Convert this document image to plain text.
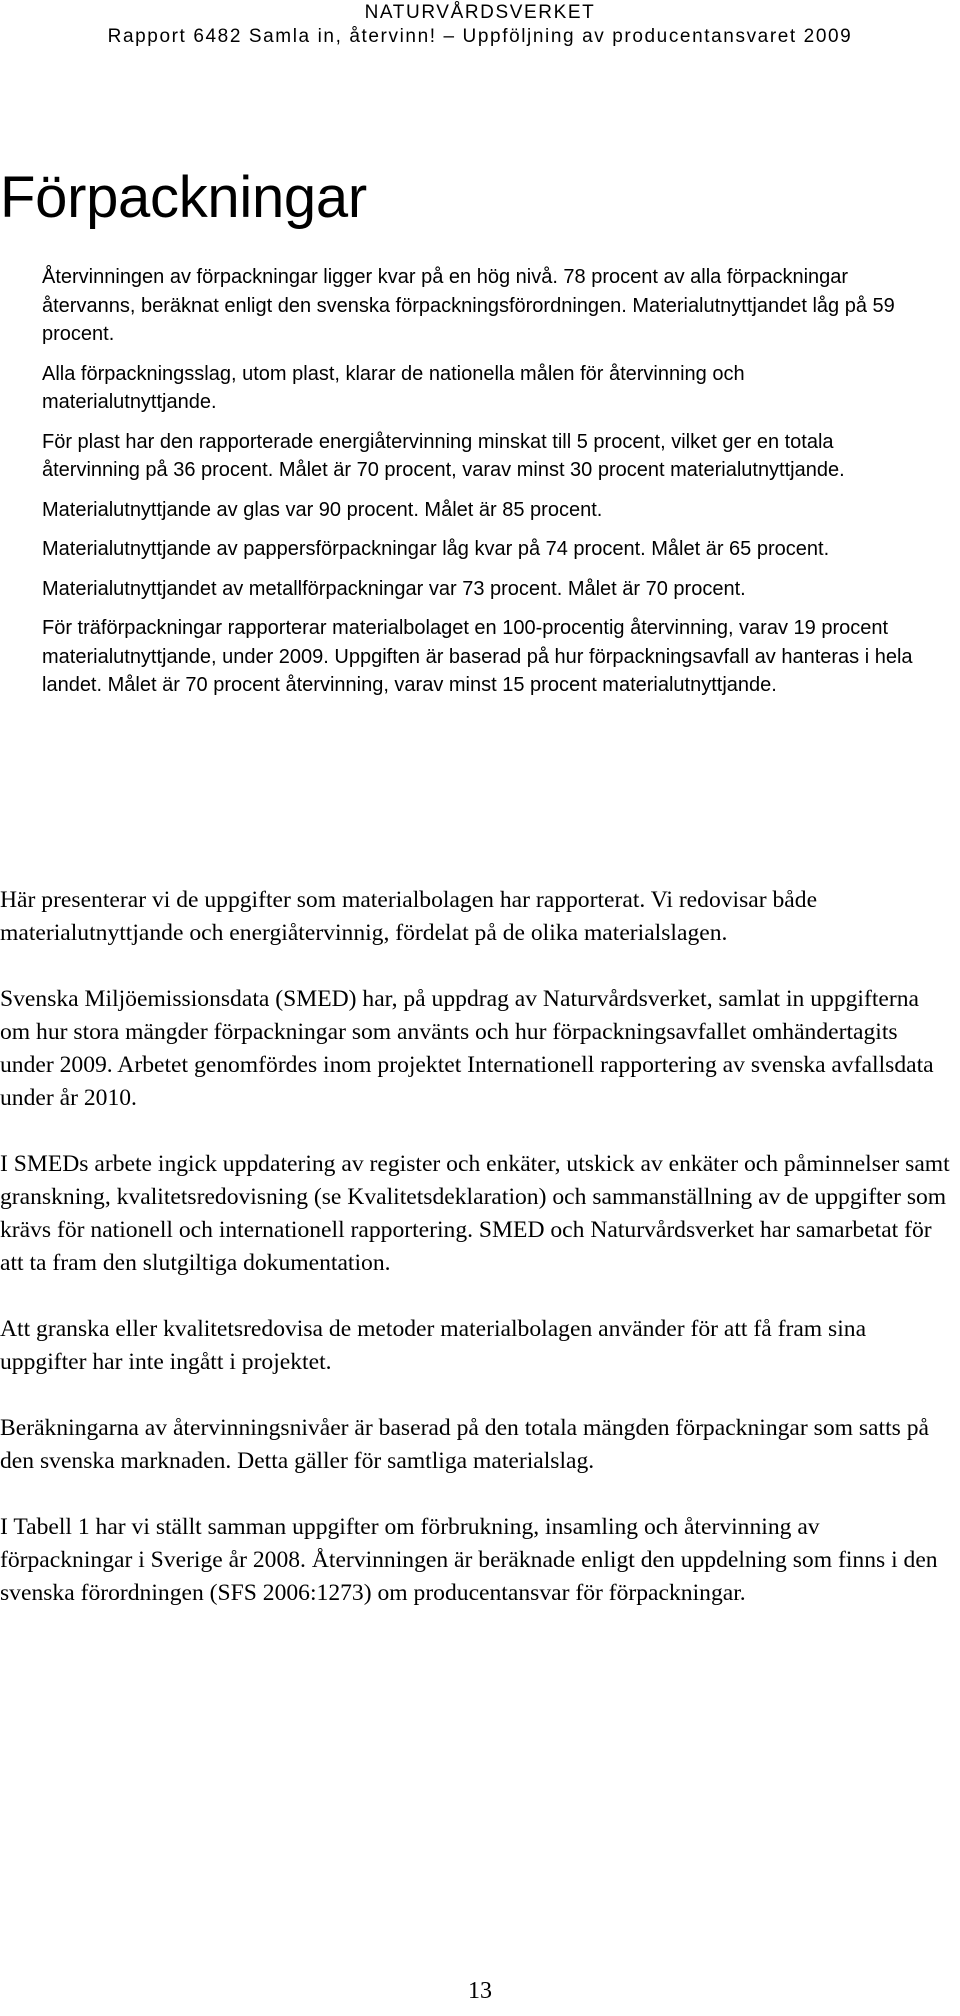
NATURVÅRDSVERKET
Rapport 6482 Samla in, återvinn! – Uppföljning av producentansvaret 2009
Förpackningar

Återvinningen av förpackningar ligger kvar på en hög nivå. 78 procent av alla förpackningar återvanns, beräknat enligt den svenska förpackningsförordningen. Materialutnyttjandet låg på 59 procent.

Alla förpackningsslag, utom plast, klarar de nationella målen för återvinning och materialutnyttjande.

För plast har den rapporterade energiåtervinning minskat till 5 procent, vilket ger en totala återvinning på 36 procent. Målet är 70 procent, varav minst 30 procent materialutnyttjande.

Materialutnyttjande av glas var 90 procent. Målet är 85 procent.

Materialutnyttjande av pappersförpackningar låg kvar på 74 procent. Målet är 65 procent.

Materialutnyttjandet av metallförpackningar var 73 procent. Målet är 70 procent.

För träförpackningar rapporterar materialbolaget en 100-procentig återvinning, varav 19 procent materialutnyttjande, under 2009. Uppgiften är baserad på hur förpackningsavfall av hanteras i hela landet. Målet är 70 procent återvinning, varav minst 15 procent materialutnyttjande.

Här presenterar vi de uppgifter som materialbolagen har rapporterat. Vi redovisar både materialutnyttjande och energiåtervinnig, fördelat på de olika materialslagen.

Svenska Miljöemissionsdata (SMED) har, på uppdrag av Naturvårdsverket, samlat in uppgifterna om hur stora mängder förpackningar som använts och hur förpackningsavfallet omhändertagits under 2009. Arbetet genomfördes inom projektet Internationell rapportering av svenska avfallsdata under år 2010.

I SMEDs arbete ingick uppdatering av register och enkäter, utskick av enkäter och påminnelser samt granskning, kvalitetsredovisning (se Kvalitetsdeklaration) och sammanställning av de uppgifter som krävs för nationell och internationell rapportering. SMED och Naturvårdsverket har samarbetat för att ta fram den slutgiltiga dokumentation.

Att granska eller kvalitetsredovisa de metoder materialbolagen använder för att få fram sina uppgifter har inte ingått i projektet.

Beräkningarna av återvinningsnivåer är baserad på den totala mängden förpackningar som satts på den svenska marknaden. Detta gäller för samtliga materialslag.

I Tabell 1 har vi ställt samman uppgifter om förbrukning, insamling och återvinning av förpackningar i Sverige år 2008. Återvinningen är beräknade enligt den uppdelning som finns i den svenska förordningen (SFS 2006:1273) om producentansvar för förpackningar.

13
